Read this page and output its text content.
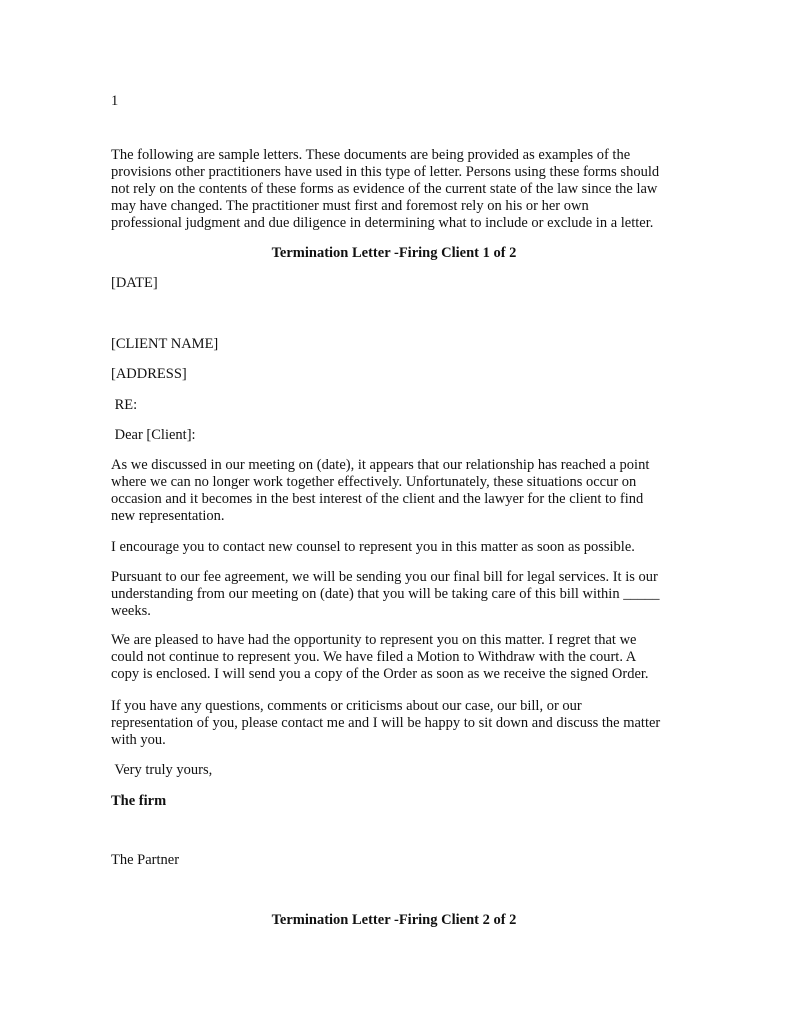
1

The following are sample letters. These documents are being provided as examples of the
provisions other practitioners have used in this type of letter. Persons using these forms should
not rely on the contents of these forms as evidence of the current state of the law since the law
may have changed. The practitioner must first and foremost rely on his or her own
professional judgment and due diligence in determining what to include or exclude in a letter.

Termination Letter -Firing Client 1 of 2

[DATE]

[CLIENT NAME]

[ADDRESS]

RE:

Dear [Client]:

As we discussed in our meeting on (date), it appears that our relationship has reached a point
where we can no longer work together effectively. Unfortunately, these situations occur on
occasion and it becomes in the best interest of the client and the lawyer for the client to find
new representation.

I encourage you to contact new counsel to represent you in this matter as soon as possible.

Pursuant to our fee agreement, we will be sending you our final bill for legal services. It is our
understanding from our meeting on (date) that you will be taking care of this bill within _____
weeks.

We are pleased to have had the opportunity to represent you on this matter. I regret that we
could not continue to represent you. We have filed a Motion to Withdraw with the court. A
copy is enclosed. I will send you a copy of the Order as soon as we receive the signed Order.

If you have any questions, comments or criticisms about our case, our bill, or our
representation of you, please contact me and I will be happy to sit down and discuss the matter
with you.

Very truly yours,

The firm

The Partner

Termination Letter -Firing Client 2 of 2
